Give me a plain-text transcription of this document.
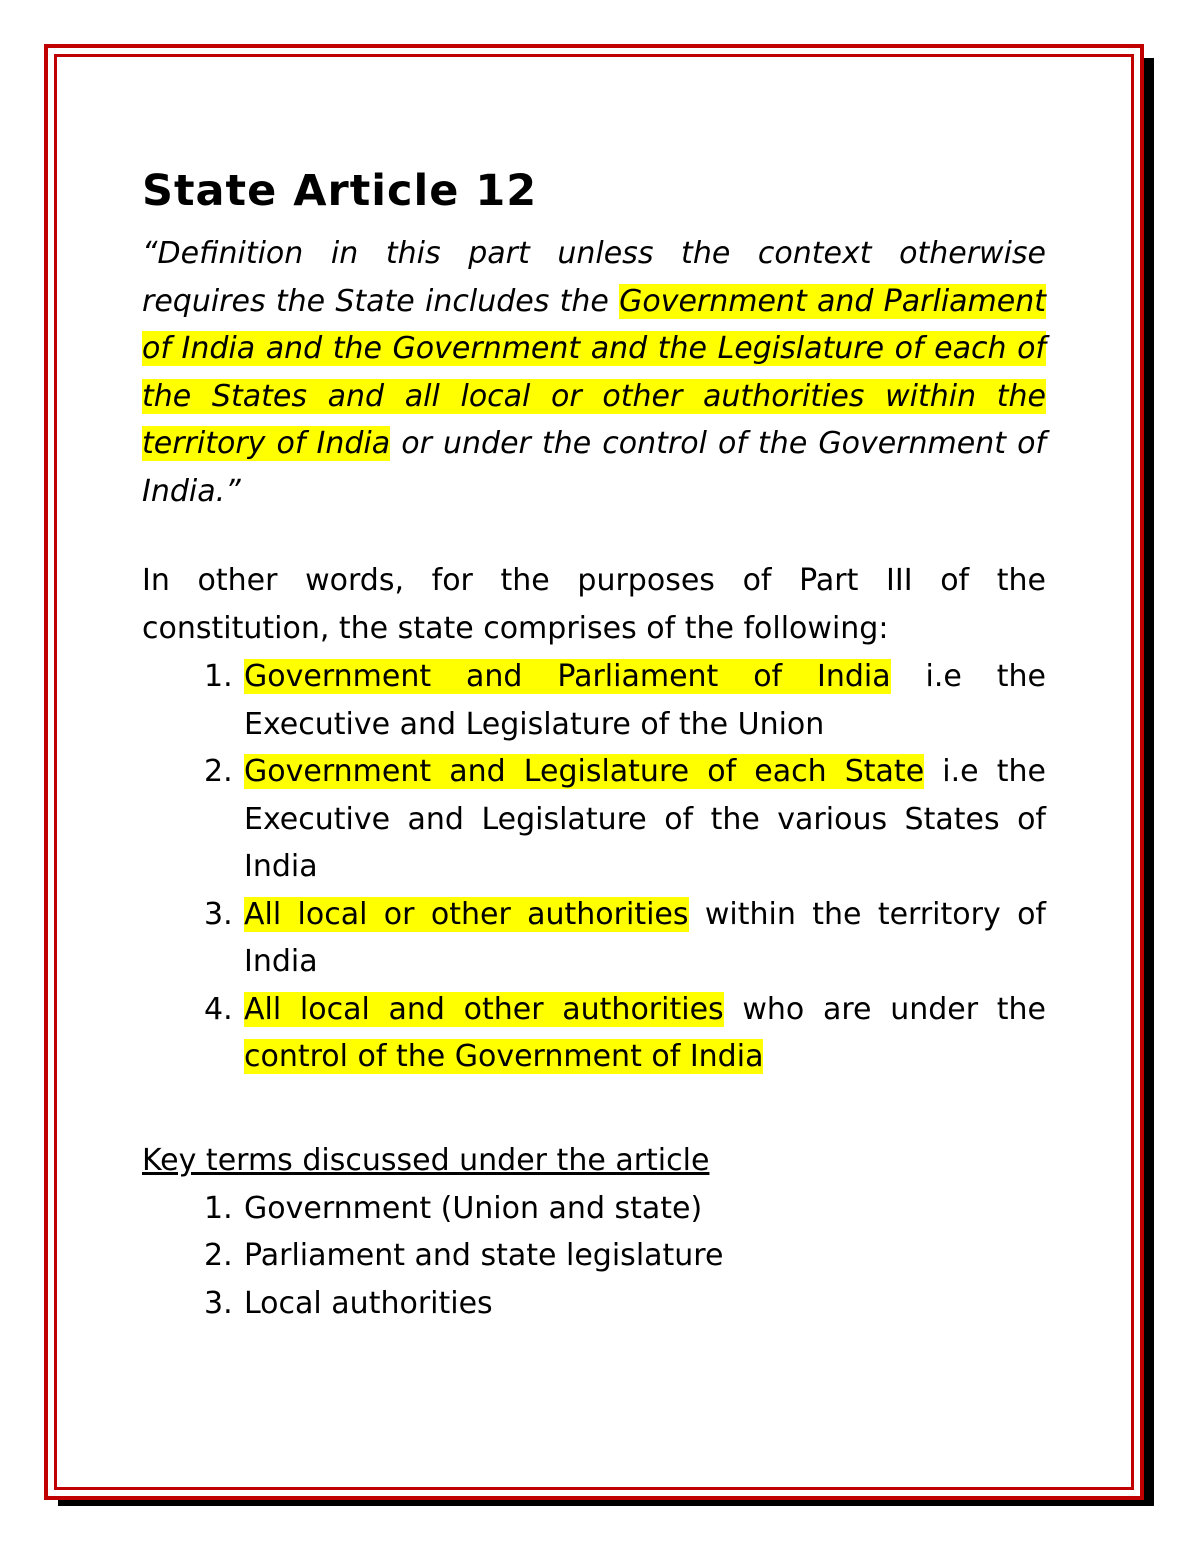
State Article 12

“Definition in this part unless the context otherwise requires the State includes the Government and Parliament of India and the Government and the Legislature of each of the States and all local or other authorities within the territory of India or under the control of the Government of India.”

In other words, for the purposes of Part III of the constitution, the state comprises of the following:

1. Government and Parliament of India i.e the Executive and Legislature of the Union
2. Government and Legislature of each State i.e the Executive and Legislature of the various States of India
3. All local or other authorities within the territory of India
4. All local and other authorities who are under the control of the Government of India

Key terms discussed under the article

1. Government (Union and state)
2. Parliament and state legislature
3. Local authorities
